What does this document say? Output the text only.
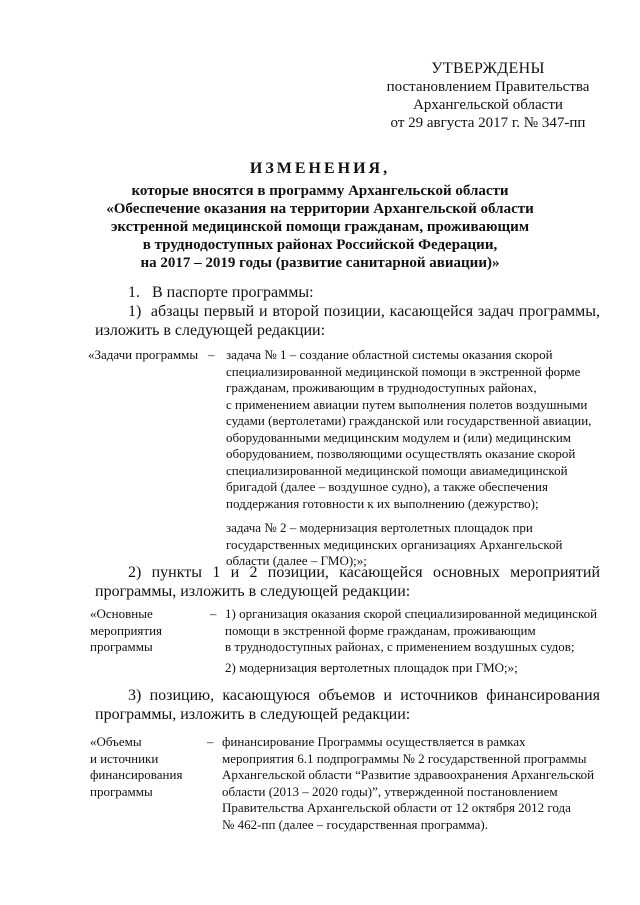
УТВЕРЖДЕНЫ
постановлением Правительства
Архангельской области
от 29 августа 2017 г. № 347-пп
ИЗМЕНЕНИЯ,
которые вносятся в программу Архангельской области
«Обеспечение оказания на территории Архангельской области
экстренной медицинской помощи гражданам, проживающим
в труднодоступных районах Российской Федерации,
на 2017 – 2019 годы (развитие санитарной авиации)»
1.   В паспорте программы:
1)  абзацы первый и второй позиции, касающейся задач программы,
изложить в следующей редакции:
«Задачи программы – задача № 1 – создание областной системы оказания скорой
специализированной медицинской помощи в экстренной форме
гражданам, проживающим в труднодоступных районах,
с применением авиации путем выполнения полетов воздушными
судами (вертолетами) гражданской или государственной авиации,
оборудованными медицинским модулем и (или) медицинским
оборудованием, позволяющими осуществлять оказание скорой
специализированной медицинской помощи авиамедицинской
бригадой (далее – воздушное судно), а также обеспечения
поддержания готовности к их выполнению (дежурство);
задача № 2 – модернизация вертолетных площадок при
государственных медицинских организациях Архангельской
области (далее – ГМО);»;
2)  пункты  1  и  2  позиции,  касающейся  основных  мероприятий
программы, изложить в следующей редакции:
«Основные
мероприятия
программы
– 1) организация оказания скорой специализированной медицинской
помощи в экстренной форме гражданам, проживающим
в труднодоступных районах, с применением воздушных судов;
2) модернизация вертолетных площадок при ГМО;»;
3)  позицию,  касающуюся  объемов  и  источников  финансирования
программы, изложить в следующей редакции:
«Объемы
и источники
финансирования
программы
– финансирование Программы осуществляется в рамках
мероприятия 6.1 подпрограммы № 2 государственной программы
Архангельской области “Развитие здравоохранения Архангельской
области (2013 – 2020 годы)”, утвержденной постановлением
Правительства Архангельской области от 12 октября 2012 года
№ 462-пп (далее – государственная программа).
